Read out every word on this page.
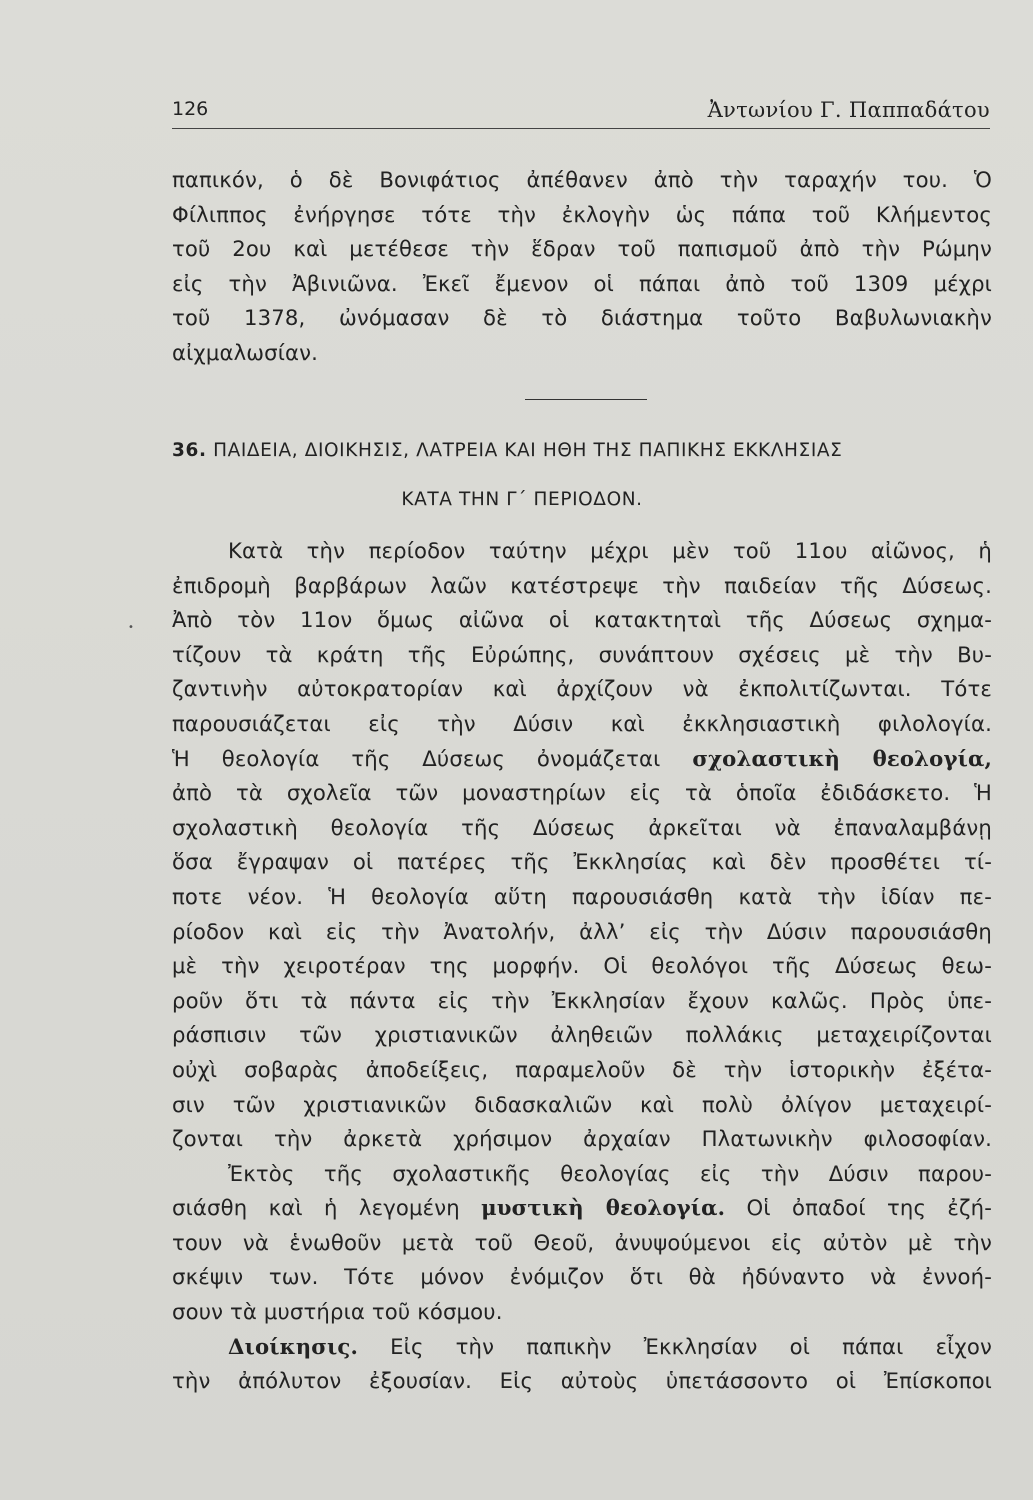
126	Ἀντωνίου Γ. Παππαδάτου
παπικόν, ὁ δὲ Βονιφάτιος ἀπέθανεν ἀπὸ τὴν ταραχήν του. Ὁ
Φίλιππος ἐνήργησε τότε τὴν ἐκλογὴν ὡς πάπα τοῦ Κλήμεντος
τοῦ 2ου καὶ μετέθεσε τὴν ἕδραν τοῦ παπισμοῦ ἀπὸ τὴν Ρώμην
εἰς τὴν Ἀβινιῶνα. Ἐκεῖ ἔμενον οἱ πάπαι ἀπὸ τοῦ 1309 μέχρι
τοῦ 1378, ὠνόμασαν δὲ τὸ διάστημα τοῦτο Βαβυλωνιακὴν
αἰχμαλωσίαν.
36. ΠΑΙΔΕΙΑ, ΔΙΟΙΚΗΣΙΣ, ΛΑΤΡΕΙΑ ΚΑΙ ΗΘΗ ΤΗΣ ΠΑΠΙΚΗΣ ΕΚΚΛΗΣΙΑΣ
ΚΑΤΑ ΤΗΝ Γ΄ ΠΕΡΙΟΔΟΝ.
•
Κατὰ τὴν περίοδον ταύτην μέχρι μὲν τοῦ 11ου αἰῶνος, ἡ
ἐπιδρομὴ βαρβάρων λαῶν κατέστρεψε τὴν παιδείαν τῆς Δύσεως.
Ἀπὸ τὸν 11ον ὅμως αἰῶνα οἱ κατακτηταὶ τῆς Δύσεως σχημα-
τίζουν τὰ κράτη τῆς Εὐρώπης, συνάπτουν σχέσεις μὲ τὴν Βυ-
ζαντινὴν αὐτοκρατορίαν καὶ ἀρχίζουν νὰ ἐκπολιτίζωνται. Τότε
παρουσιάζεται εἰς τὴν Δύσιν καὶ ἐκκλησιαστικὴ φιλολογία.
Ἡ θεολογία τῆς Δύσεως ὀνομάζεται σχολαστικὴ θεολογία,
ἀπὸ τὰ σχολεῖα τῶν μοναστηρίων εἰς τὰ ὁποῖα ἐδιδάσκετο. Ἡ
σχολαστικὴ θεολογία τῆς Δύσεως ἀρκεῖται νὰ ἐπαναλαμβάνῃ
ὅσα ἔγραψαν οἱ πατέρες τῆς Ἐκκλησίας καὶ δὲν προσθέτει τί-
ποτε νέον. Ἡ θεολογία αὕτη παρουσιάσθη κατὰ τὴν ἰδίαν πε-
ρίοδον καὶ εἰς τὴν Ἀνατολήν, ἀλλ’ εἰς τὴν Δύσιν παρουσιάσθη
μὲ τὴν χειροτέραν της μορφήν. Οἱ θεολόγοι τῆς Δύσεως θεω-
ροῦν ὅτι τὰ πάντα εἰς τὴν Ἐκκλησίαν ἔχουν καλῶς. Πρὸς ὑπε-
ράσπισιν τῶν χριστιανικῶν ἀληθειῶν πολλάκις μεταχειρίζονται
οὐχὶ σοβαρὰς ἀποδείξεις, παραμελοῦν δὲ τὴν ἱστορικὴν ἐξέτα-
σιν τῶν χριστιανικῶν διδασκαλιῶν καὶ πολὺ ὀλίγον μεταχειρί-
ζονται τὴν ἀρκετὰ χρήσιμον ἀρχαίαν Πλατωνικὴν φιλοσοφίαν.
Ἐκτὸς τῆς σχολαστικῆς θεολογίας εἰς τὴν Δύσιν παρου-
σιάσθη καὶ ἡ λεγομένη μυστικὴ θεολογία. Οἱ ὀπαδοί της ἐζή-
τουν νὰ ἑνωθοῦν μετὰ τοῦ Θεοῦ, ἀνυψούμενοι εἰς αὐτὸν μὲ τὴν
σκέψιν των. Τότε μόνον ἐνόμιζον ὅτι θὰ ἠδύναντο νὰ ἐννοή-
σουν τὰ μυστήρια τοῦ κόσμου.
Διοίκησις. Εἰς τὴν παπικὴν Ἐκκλησίαν οἱ πάπαι εἶχον
τὴν ἀπόλυτον ἐξουσίαν. Εἰς αὐτοὺς ὑπετάσσοντο οἱ Ἐπίσκοποι
